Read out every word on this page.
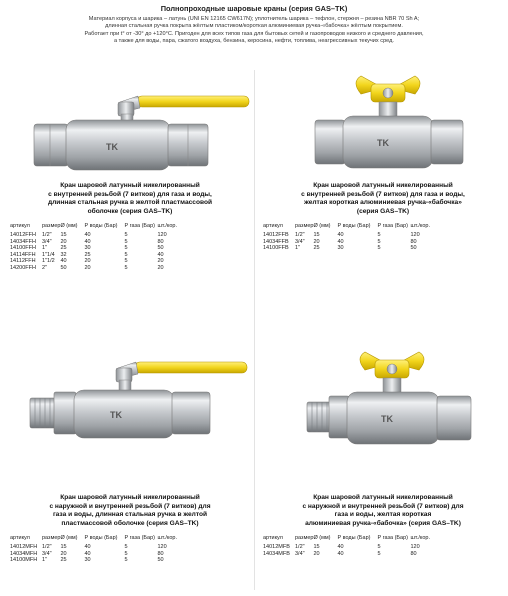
Полнопроходные шаровые краны (серия GAS–TK)
Материал корпуса и шарика – латунь (UNI EN 12165 CW617N); уплотнитель шарика – тефлон, стержня – резина NBR 70 Sh A;
длинная стальная ручка покрыта жёлтым пластиком/короткая алюминиевая ручка-«бабочка» жёлтым покрытием.
Работает при t° от -30° до +120°C. Пригоден для всех типов газа для бытовых сетей и газопроводов низкого и среднего давления,
а также для воды, пара, сжатого воздуха, бензина, керосина, нефти, топлива, неагрессивных текучих сред.
TK
Кран шаровой латунный никелированный
с внутренней резьбой (7 витков) для газа и воды,
длинная стальная ручка в желтой пластмассовой
оболочке (серия GAS–TK)
артикул	размер	Ø (мм)	P воды (Бар)	P газа (Бар)	шт./кор.
14012FFH	1/2"	15	40	5	120
14034FFH	3/4"	20	40	5	80
14100FFH	1"	25	30	5	50
14114FFH	1"1/4	32	25	5	40
14112FFH	1"1/2	40	20	5	20
14200FFH	2"	50	20	5	20
TK
Кран шаровой латунный никелированный
с внутренней резьбой (7 витков) для газа и воды,
желтая короткая алюминиевая ручка-«бабочка»
(серия GAS–TK)
артикул	размер	Ø (мм)	P воды (Бар)	P газа (Бар)	шт./кор.
14012FFB	1/2"	15	40	5	120
14034FFB	3/4"	20	40	5	80
14100FFB	1"	25	30	5	50
TK
Кран шаровой латунный никелированный
с наружной и внутренней резьбой (7 витков) для
газа и воды, длинная стальная ручка в желтой
пластмассовой оболочке (серия GAS–TK)
артикул	размер	Ø (мм)	P воды (Бар)	P газа (Бар)	шт./кор.
14012MFH	1/2"	15	40	5	120
14034MFH	3/4"	20	40	5	80
14100MFH	1"	25	30	5	50
TK
Кран шаровой латунный никелированный
с наружной и внутренней резьбой (7 витков) для
газа и воды, желтая короткая
алюминиевая ручка-«бабочка» (серия GAS–TK)
артикул	размер	Ø (мм)	P воды (Бар)	P газа (Бар)	шт./кор.
14012MFB	1/2"	15	40	5	120
14034MFB	3/4"	20	40	5	80
